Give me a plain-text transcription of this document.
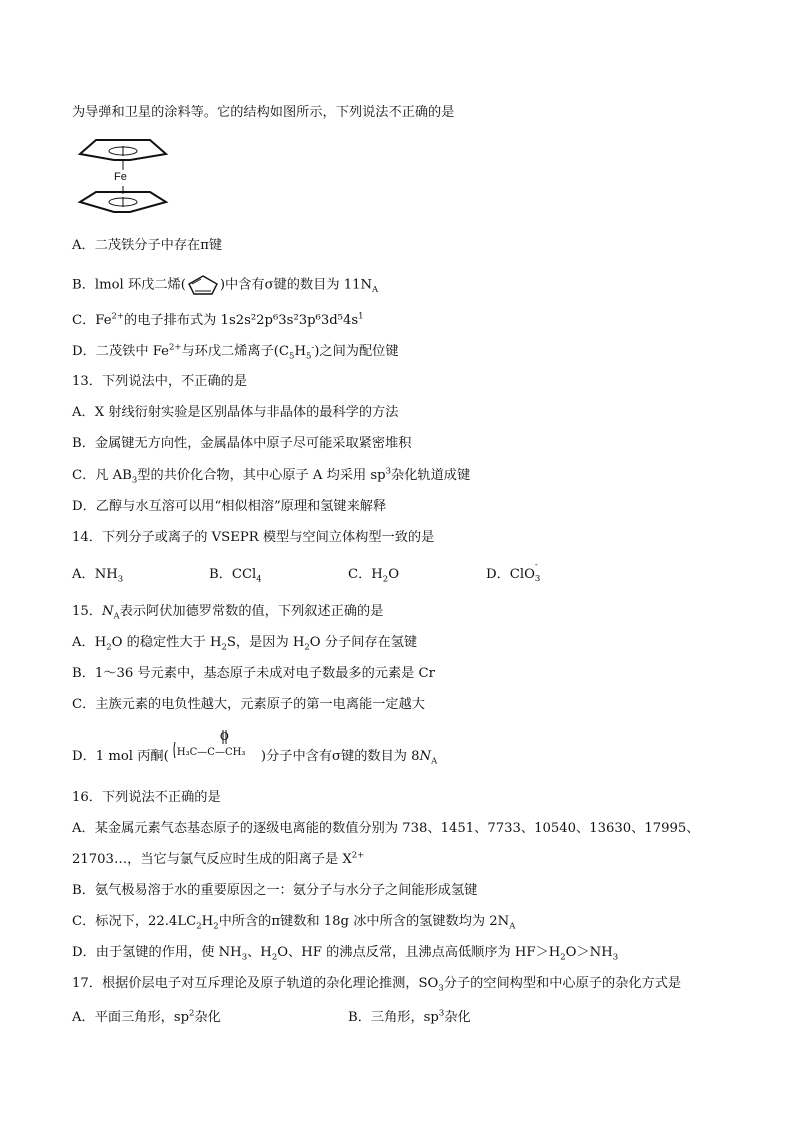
为导弹和卫星的涂料等。它的结构如图所示，下列说法不正确的是
Fe
A．二茂铁分子中存在π键
B．lmol 环戊二烯(	)中含有σ键的数目为 $11N_A$
C．$Fe^{2+}$的电子排布式为 $1s2s^22p^63s^23p^63d^54s^1$
D．二茂铁中 $Fe^{2+}$与环戊二烯离子$(C_5H_5^-)$之间为配位键
13．下列说法中，不正确的是
A．X 射线衍射实验是区别晶体与非晶体的最科学的方法
B．金属键无方向性，金属晶体中原子尽可能采取紧密堆积
C．凡 $AB_3$型的共价化合物，其中心原子 A 均采用 $sp^3$杂化轨道成键
D．乙醇与水互溶可以用“相似相溶”原理和氢键来解释
14．下列分子或离子的 VSEPR 模型与空间立体构型一致的是
A．$NH_3$	B．CCl$_4$	C．$H_2O$	D．ClO
-
3
15．$N_A$表示阿伏加德罗常数的值，下列叙述正确的是
A．$H_2O$ 的稳定性大于 $H_2S$，是因为 $H_2O$ 分子间存在氢键
B．1～36 号元素中，基态原子未成对电子数最多的元素是 Cr
C．主族元素的电负性越大，元素原子的第一电离能一定越大
D．1 mol 丙酮(
O
H₃C—C—CH₃ )分子中含有σ键的数目为 $8N_A$
16．下列说法不正确的是
A．某金属元素气态基态原子的逐级电离能的数值分别为 738、1451、7733、10540、13630、17995、
21703…，当它与氯气反应时生成的阳离子是 $X^{2+}$
B．氨气极易溶于水的重要原因之一：氨分子与水分子之间能形成氢键
C．标况下，$22.4LC_2H_2$中所含的π键数和 18g 冰中所含的氢键数均为 $2N_A$
D．由于氢键的作用，使 $NH_3$、$H_2O$、HF 的沸点反常，且沸点高低顺序为 $HF>H_2O>NH_3$
17．根据价层电子对互斥理论及原子轨道的杂化理论推测，$SO_3$分子的空间构型和中心原子的杂化方式是
A．平面三角形，$sp^2$杂化	B．三角形，$sp^3$杂化
